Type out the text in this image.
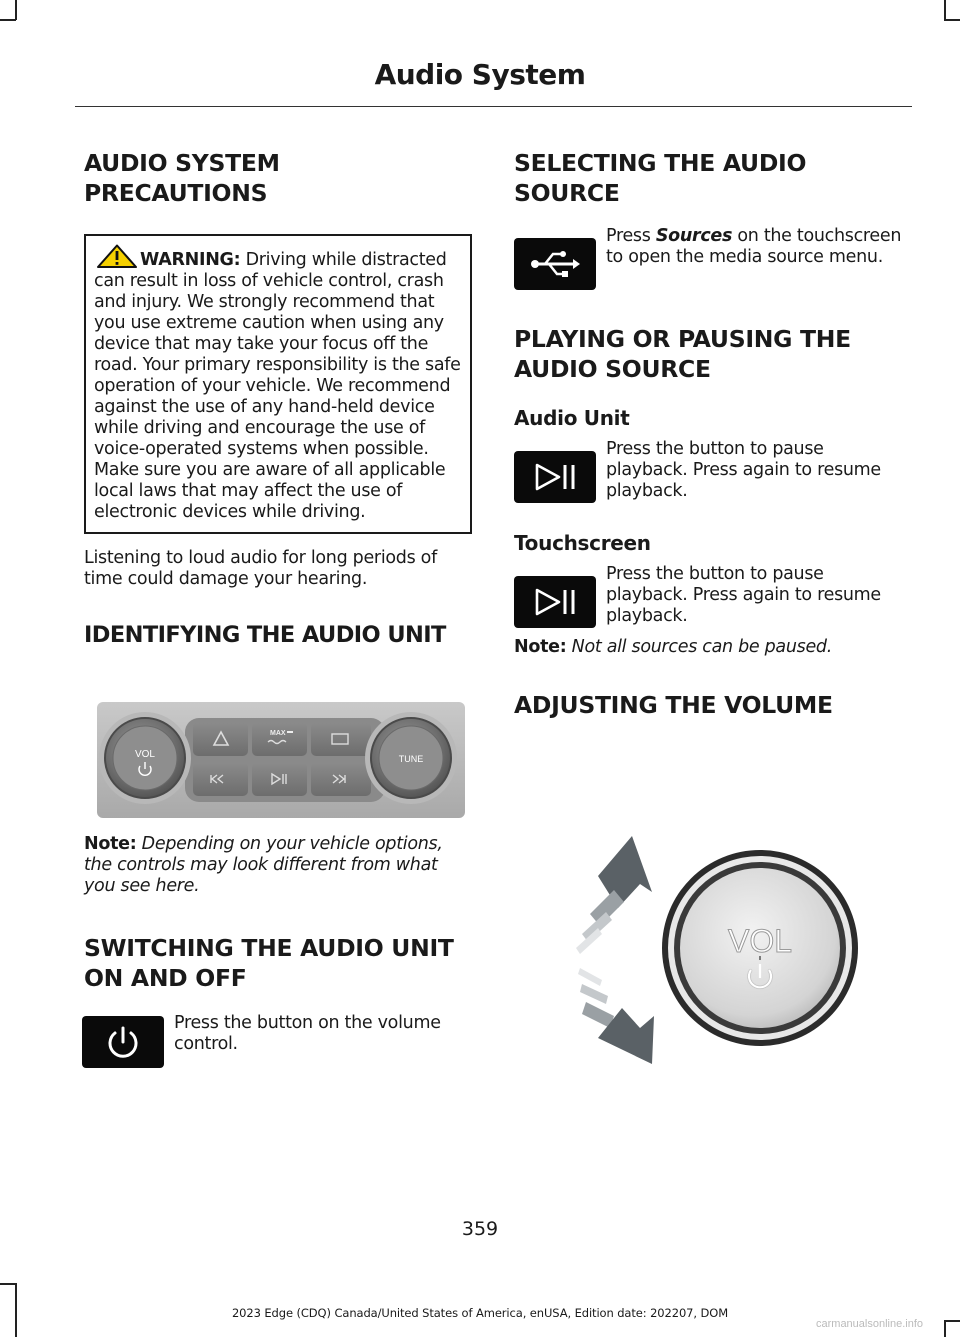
Audio System
AUDIO SYSTEM
PRECAUTIONS
WARNING: Driving while distracted can result in loss of vehicle control, crash and injury. We strongly recommend that you use extreme caution when using any device that may take your focus off the road. Your primary responsibility is the safe operation of your vehicle. We recommend against the use of any hand-held device while driving and encourage the use of voice-operated systems when possible. Make sure you are aware of all applicable local laws that may affect the use of electronic devices while driving.

Listening to loud audio for long periods of time could damage your hearing.

IDENTIFYING THE AUDIO UNIT
MAX
VOL	TUNE

Note: Depending on your vehicle options, the controls may look different from what you see here.

SWITCHING THE AUDIO UNIT
ON AND OFF

Press the button on the volume control.

SELECTING THE AUDIO
SOURCE

Press Sources on the touchscreen to open the media source menu.

PLAYING OR PAUSING THE
AUDIO SOURCE
Audio Unit

Press the button to pause playback. Press again to resume playback.

Touchscreen

Press the button to pause playback. Press again to resume playback.

Note: Not all sources can be paused.

ADJUSTING THE VOLUME
VOL
359
2023 Edge (CDQ) Canada/United States of America, enUSA, Edition date: 202207, DOM
carmanualsonline.info
